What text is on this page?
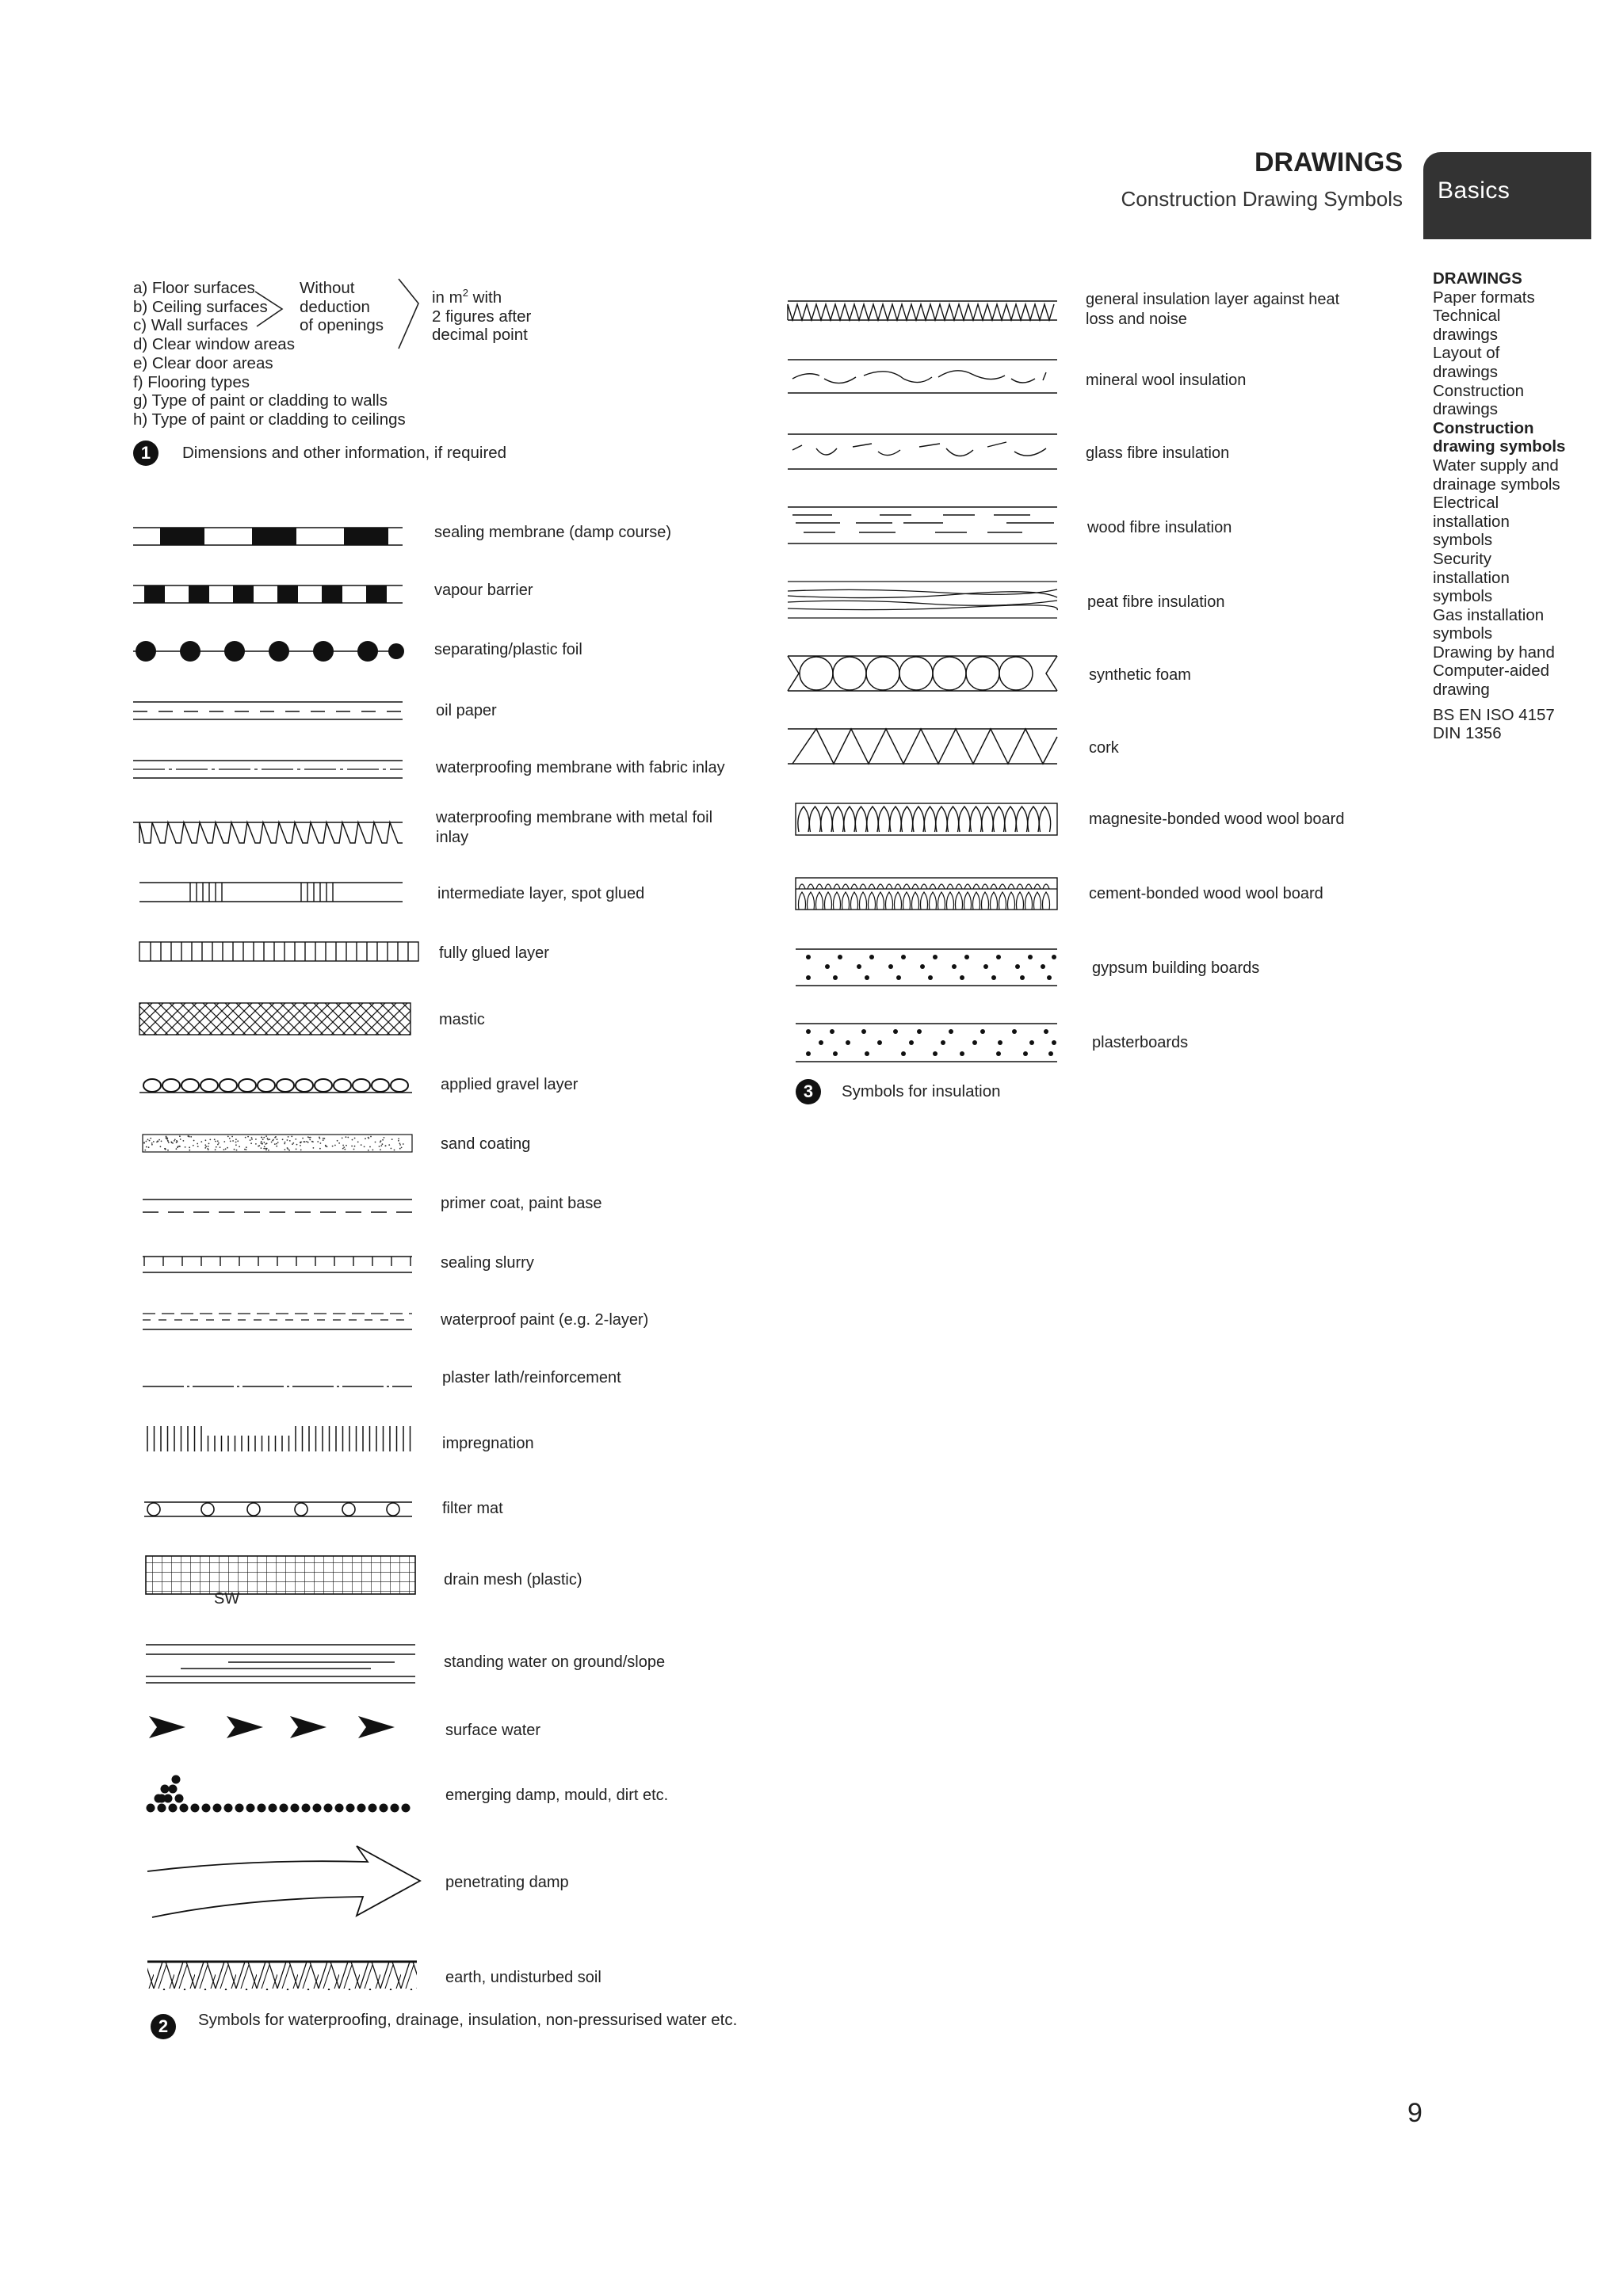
DRAWINGS
Construction Drawing Symbols Basics
DRAWINGS
Paper formats
Technical
drawings
Layout of
drawings
Construction
drawings
Construction
drawing symbols
Water supply and
drainage symbols
Electrical
installation
symbols
Security
installation
symbols
Gas installation
symbols
Drawing by hand
Computer-aided
drawing
BS EN ISO 4157
DIN 1356
a) Floor surfaces
b) Ceiling surfaces
c) Wall surfaces
d) Clear window areas
e) Clear door areas
f) Flooring types
g) Type of paint or cladding to walls
h) Type of paint or cladding to ceilings
Without
deduction
of openings
in $m^2$ with
2 figures after
decimal point
1	Dimensions and other information, if required
sealing membrane (damp course)
vapour barrier
separating/plastic foil
oil paper
waterproofing membrane with fabric inlay
waterproofing membrane with metal foil
inlay
intermediate layer, spot glued
fully glued layer
mastic
applied gravel layer
sand coating
primer coat, paint base
sealing slurry
waterproof paint (e.g. 2-layer)
plaster lath/reinforcement
impregnation
filter mat
SW
drain mesh (plastic)
standing water on ground/slope
surface water
emerging damp, mould, dirt etc.
penetrating damp
earth, undisturbed soil
2	Symbols for waterproofing, drainage, insulation, non-pressurised water etc.
general insulation layer against heat
loss and noise
mineral wool insulation
glass fibre insulation
wood fibre insulation
peat fibre insulation
synthetic foam
cork
magnesite-bonded wood wool board
cement-bonded wood wool board
gypsum building boards
plasterboards
3	Symbols for insulation
9
